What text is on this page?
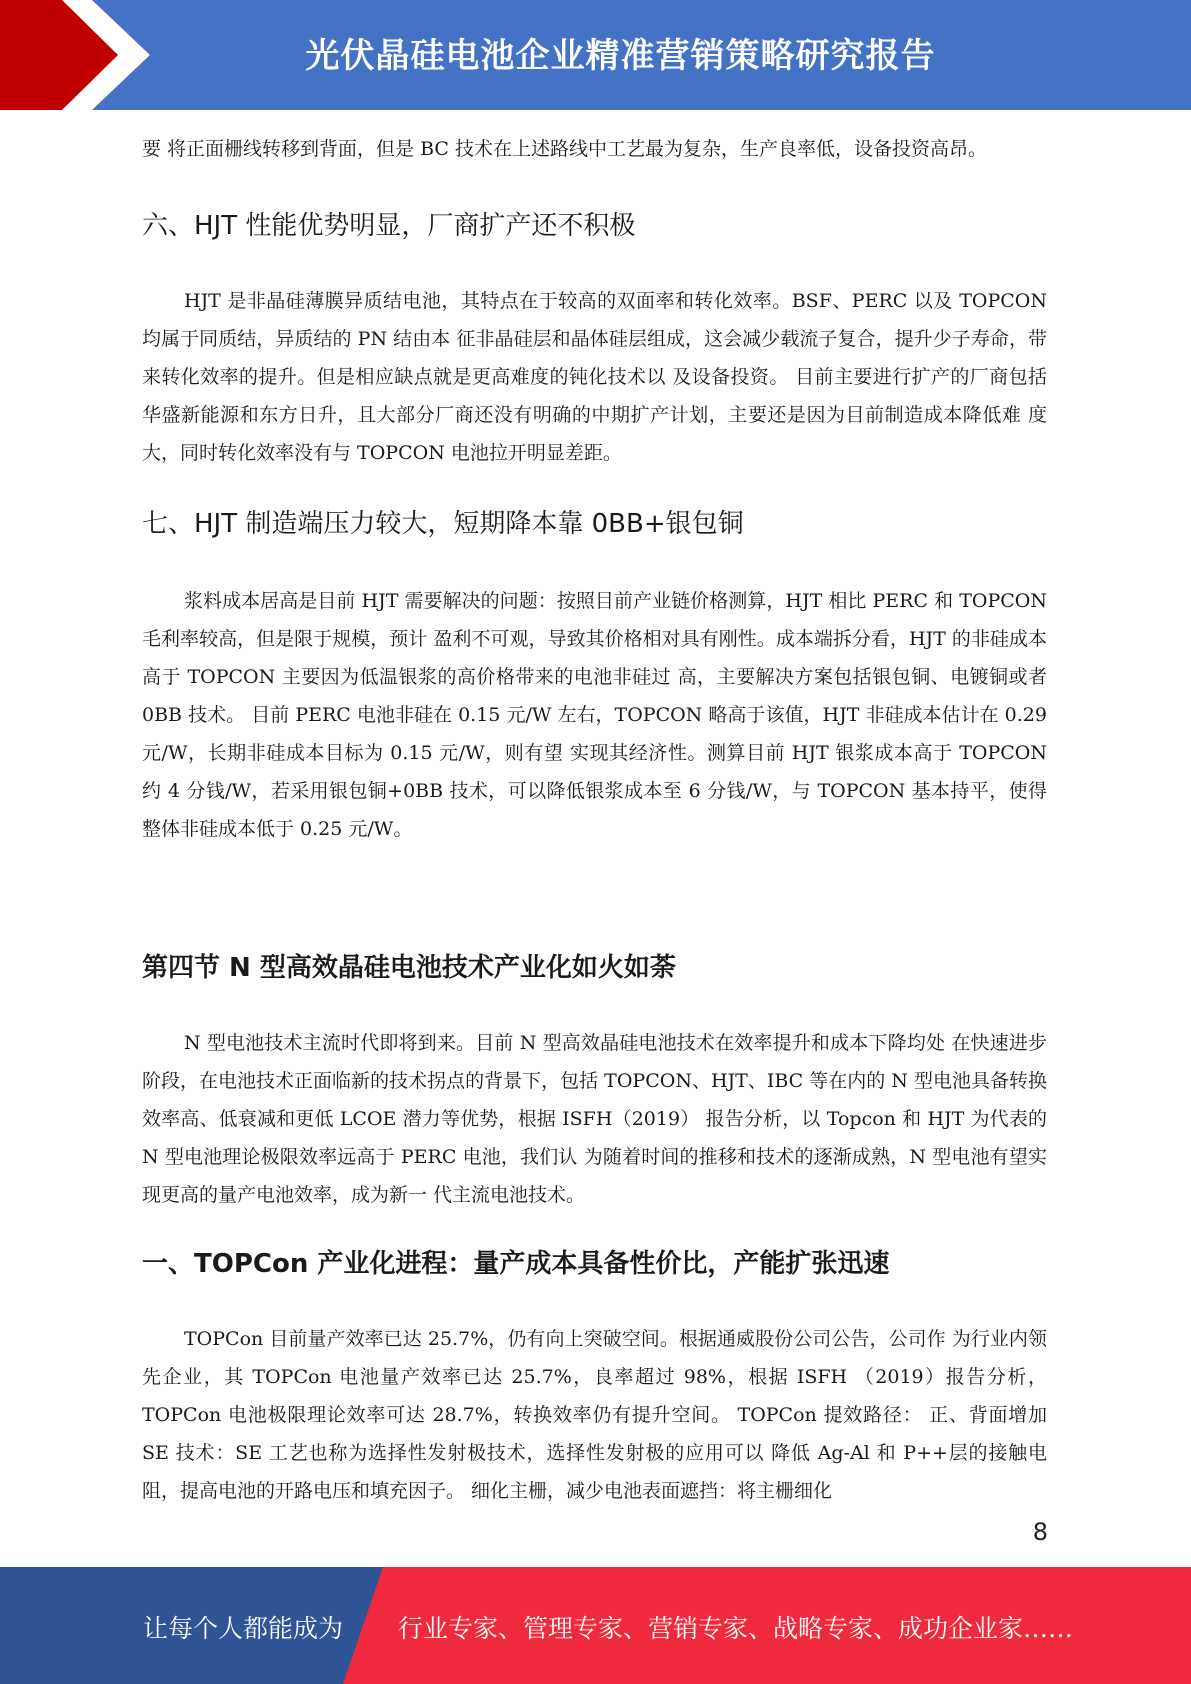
光伏晶硅电池企业精准营销策略研究报告

要 将正面栅线转移到背面，但是 BC 技术在上述路线中工艺最为复杂，生产良率低，设备投资高昂。

六、HJT 性能优势明显，厂商扩产还不积极

HJT 是非晶硅薄膜异质结电池，其特点在于较高的双面率和转化效率。BSF、PERC 以及 TOPCON 均属于同质结，异质结的 PN 结由本 征非晶硅层和晶体硅层组成，这会减少载流子复合，提升少子寿命，带来转化效率的提升。但是相应缺点就是更高难度的钝化技术以 及设备投资。 目前主要进行扩产的厂商包括华盛新能源和东方日升，且大部分厂商还没有明确的中期扩产计划，主要还是因为目前制造成本降低难 度大，同时转化效率没有与 TOPCON 电池拉开明显差距。

七、HJT 制造端压力较大，短期降本靠 0BB+银包铜

浆料成本居高是目前 HJT 需要解决的问题：按照目前产业链价格测算，HJT 相比 PERC 和 TOPCON 毛利率较高，但是限于规模，预计 盈利不可观，导致其价格相对具有刚性。成本端拆分看，HJT 的非硅成本高于 TOPCON 主要因为低温银浆的高价格带来的电池非硅过 高，主要解决方案包括银包铜、电镀铜或者 0BB 技术。 目前 PERC 电池非硅在 0.15 元/W 左右，TOPCON 略高于该值，HJT 非硅成本估计在 0.29 元/W，长期非硅成本目标为 0.15 元/W，则有望 实现其经济性。测算目前 HJT 银浆成本高于 TOPCON 约 4 分钱/W，若采用银包铜+0BB 技术，可以降低银浆成本至 6 分钱/W，与 TOPCON 基本持平，使得整体非硅成本低于 0.25 元/W。

第四节 N 型高效晶硅电池技术产业化如火如荼

N 型电池技术主流时代即将到来。目前 N 型高效晶硅电池技术在效率提升和成本下降均处 在快速进步阶段，在电池技术正面临新的技术拐点的背景下，包括 TOPCON、HJT、IBC 等在内的 N 型电池具备转换效率高、低衰减和更低 LCOE 潜力等优势，根据 ISFH（2019） 报告分析，以 Topcon 和 HJT 为代表的 N 型电池理论极限效率远高于 PERC 电池，我们认 为随着时间的推移和技术的逐渐成熟，N 型电池有望实现更高的量产电池效率，成为新一 代主流电池技术。

一、TOPCon 产业化进程：量产成本具备性价比，产能扩张迅速

TOPCon 目前量产效率已达 25.7%，仍有向上突破空间。根据通威股份公司公告，公司作 为行业内领先企业，其 TOPCon 电池量产效率已达 25.7%，良率超过 98%，根据 ISFH （2019）报告分析，TOPCon 电池极限理论效率可达 28.7%，转换效率仍有提升空间。 TOPCon 提效路径： 正、背面增加 SE 技术：SE 工艺也称为选择性发射极技术，选择性发射极的应用可以 降低 Ag-Al 和 P++层的接触电阻，提高电池的开路电压和填充因子。 细化主栅，减少电池表面遮挡：将主栅细化

8
让每个人都能成为 行业专家、管理专家、营销专家、战略专家、成功企业家……
